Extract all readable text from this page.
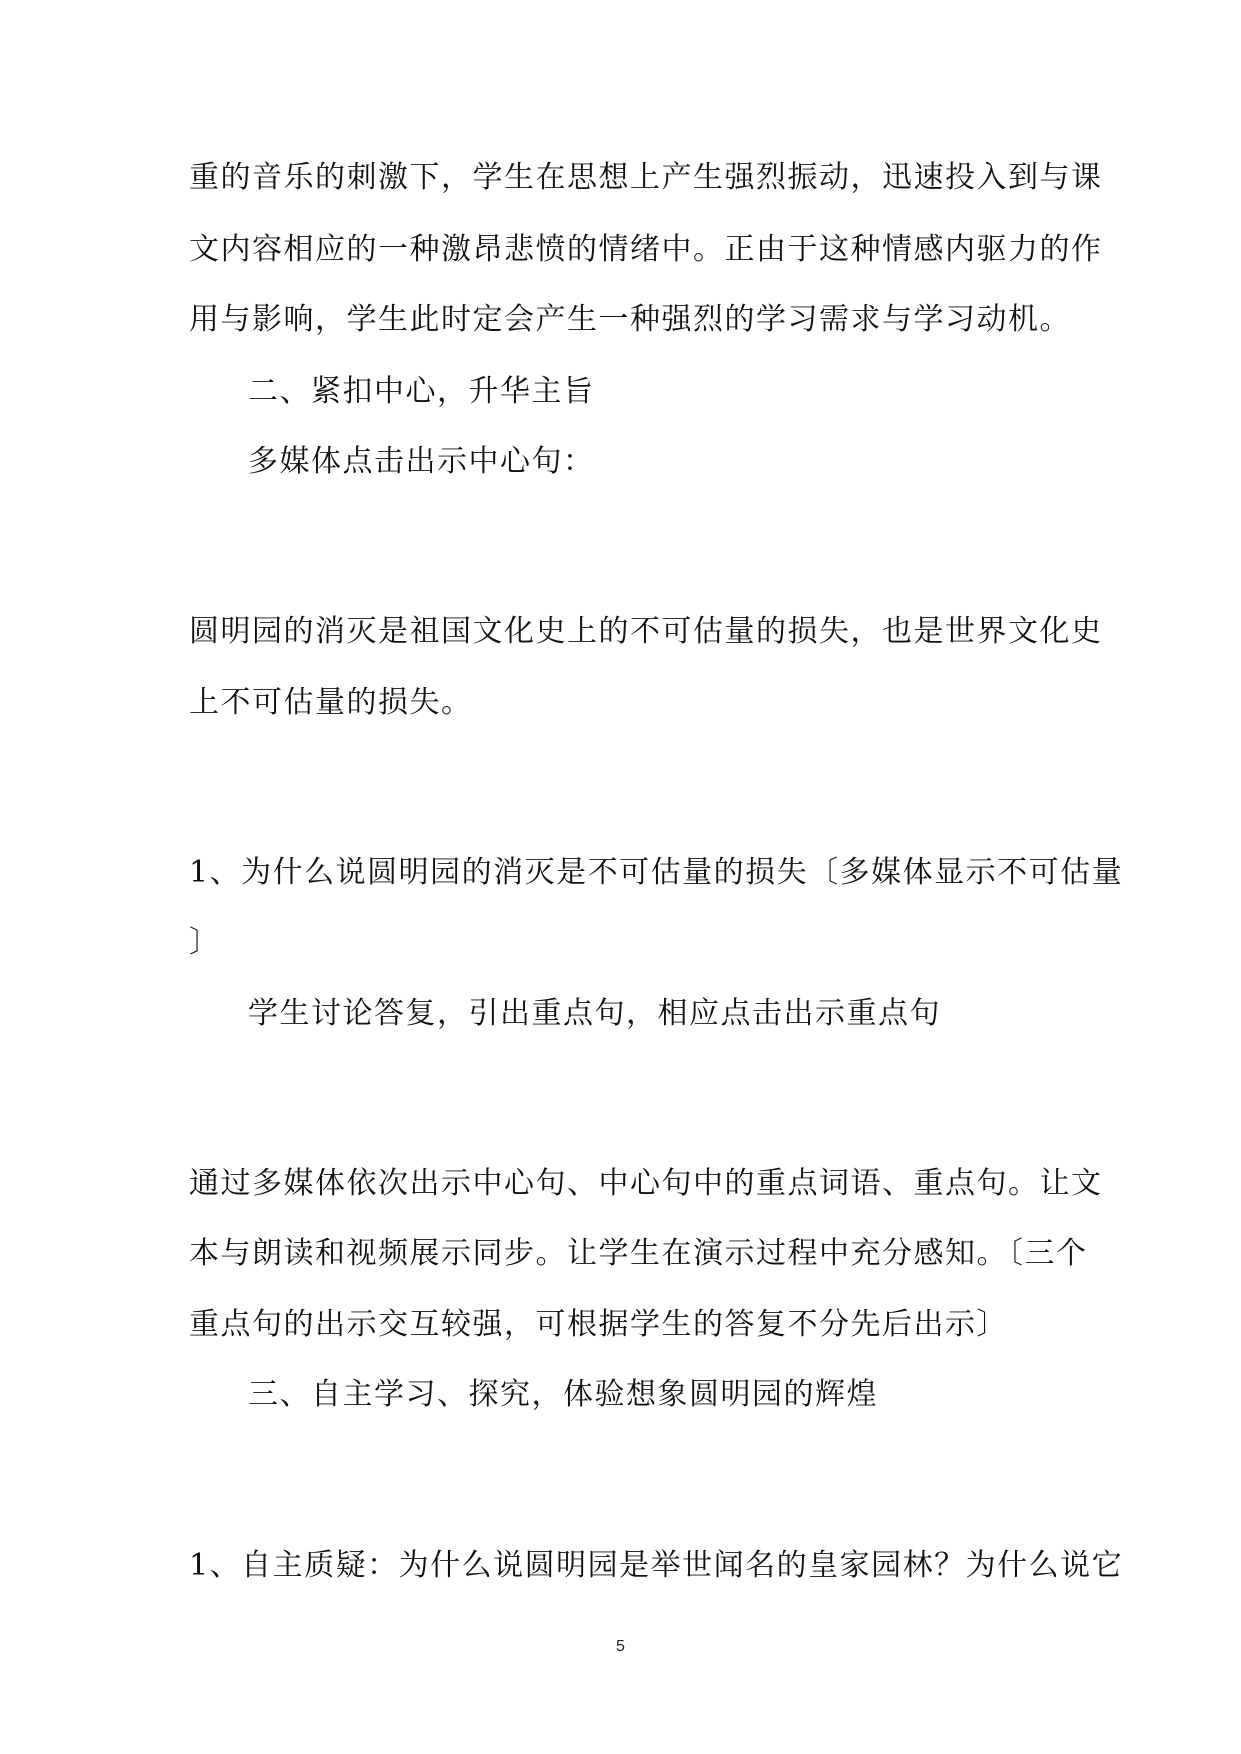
重的音乐的刺激下，学生在思想上产生强烈振动，迅速投入到与课
文内容相应的一种激昂悲愤的情绪中。正由于这种情感内驱力的作
用与影响，学生此时定会产生一种强烈的学习需求与学习动机。
二、紧扣中心，升华主旨
多媒体点击出示中心句：
圆明园的消灭是祖国文化史上的不可估量的损失，也是世界文化史
上不可估量的损失。
1、为什么说圆明园的消灭是不可估量的损失〔多媒体显示不可估量
〕
学生讨论答复，引出重点句，相应点击出示重点句
通过多媒体依次出示中心句、中心句中的重点词语、重点句。让文
本与朗读和视频展示同步。让学生在演示过程中充分感知。〔三个
重点句的出示交互较强，可根据学生的答复不分先后出示〕
三、自主学习、探究，体验想象圆明园的辉煌
1、自主质疑：为什么说圆明园是举世闻名的皇家园林？为什么说它
5
